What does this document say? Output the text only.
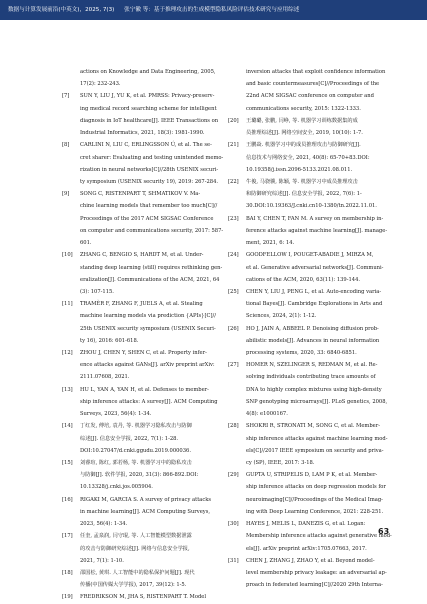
数据与计算发展前沿(中英文)，2025, 7(3) 张宁徽 等：基于推理攻击的生成模型隐私风险评估技术研究与应用综述
actions on Knowledge and Data Engineering, 2005,
17(2): 232-243.
[7]	SUN Y, LIU J, YU K, et al. PMRSS: Privacy-preserv-
ing medical record searching scheme for intelligent
diagnosis in IoT healthcare[J]. IEEE Transactions on
Industrial Informatics, 2021, 18(3): 1981-1990.
[8]	CARLINI N, LIU C, ERLINGSSON Ú, et al. The se-
cret sharer: Evaluating and testing unintended memo-
rization in neural networks[C]//28th USENIX securi-
ty symposium (USENIX security 19), 2019: 267-284.
[9]	SONG C, RISTENPART T, SHMATIKOV V. Ma-
chine learning models that remember too much[C]//
Proceedings of the 2017 ACM SIGSAC Conference
on computer and communications security, 2017: 587-
601.
[10]	ZHANG C, BENGIO S, HARDT M, et al. Under-
standing deep learning (still) requires rethinking gen-
eralization[J]. Communications of the ACM, 2021, 64
(3): 107-115.
[11]	TRAMÈR F, ZHANG F, JUELS A, et al. Stealing
machine learning models via prediction {APIs}[C]//
25th USENIX security symposium (USENIX Securi-
ty 16), 2016: 601-618.
[12]	ZHOU J, CHEN Y, SHEN C, et al. Property infer-
ence attacks against GANs[J]. arXiv preprint arXiv:
2111.07608, 2021.
[13]	HU L, YAN A, YAN H, et al. Defenses to member-
ship inference attacks: A survey[J]. ACM Computing
Surveys, 2023, 56(4): 1-34.
[14]	丁红发, 傅培, 袁丹, 等. 机器学习隐私攻击与防御
综述[J]. 信息安全学报, 2022, 7(1): 1-28.
DOI:10.27047/d.cnki.ggudu.2019.000036.
[15]	刘睿瑄, 陈红, 郭若杨, 等. 机器学习中的隐私攻击
与防御[J]. 软件学报, 2020, 31(3): 866-892.DOI:
10.13328/j.cnki.jos.005904.
[16]	RIGAKI M, GARCIA S. A survey of privacy attacks
in machine learning[J]. ACM Computing Surveys,
2023, 56(4): 1-34.
[17]	任奎, 孟泉润, 闫守琨, 等. 人工智能模型数据泄露
的攻击与防御研究综述[J]. 网络与信息安全学报,
2021, 7(1): 1-10.
[18]	邵国松, 黄琪. 人工智能中的隐私保护问题[J]. 现代
传播(中国传媒大学学报), 2017, 39(12): 1-5.
[19]	FREDRIKSON M, JHA S, RISTENPART T. Model
inversion attacks that exploit confidence information
and basic countermeasures[C]//Proceedings of the
22nd ACM SIGSAC conference on computer and
communications security, 2015: 1322-1333.
[20]	王璐璐, 张鹏, 闫峥, 等. 机器学习训练数据集的成
员推理综述[J]. 网络空间安全, 2019, 10(10): 1-7.
[21]	王鹏焱. 机器学习中的成员推理攻击与防御研究[J].
信息技术与网络安全, 2021, 40(8): 65-70+83.DOI:
10.19358/j.issn.2096-5133.2021.08.011.
[22]	牛俊, 马骁骥, 陈颖, 等. 机器学习中成员推理攻击
和防御研究综述[J]. 信息安全学报, 2022, 7(6): 1-
30.DOI:10.19363/J.cnki.cn10-1380/tn.2022.11.01.
[23]	BAI Y, CHEN T, FAN M. A survey on membership in-
ference attacks against machine learning[J]. manage-
ment, 2021, 6: 14.
[24]	GOODFELLOW I, POUGET-ABADIE J, MIRZA M,
et al. Generative adversarial networks[J]. Communi-
cations of the ACM, 2020, 63(11): 139-144.
[25]	CHEN Y, LIU J, PENG L, et al. Auto-encoding varia-
tional Bayes[J]. Cambridge Explorations in Arts and
Sciences, 2024, 2(1): 1-12.
[26]	HO J, JAIN A, ABBEEL P. Denoising diffusion prob-
abilistic models[J]. Advances in neural information
processing systems, 2020, 33: 6840-6851.
[27]	HOMER N, SZELINGER S, REDMAN M, et al. Re-
solving individuals contributing trace amounts of
DNA to highly complex mixtures using high-density
SNP genotyping microarrays[J]. PLoS genetics, 2008,
4(8): e1000167.
[28]	SHOKRI R, STRONATI M, SONG C, et al. Member-
ship inference attacks against machine learning mod-
els[C]//2017 IEEE symposium on security and priva-
cy (SP), IEEE, 2017: 3-18.
[29]	GUPTA U, STRIPELIS D, LAM P K, et al. Member-
ship inference attacks on deep regression models for
neuroimaging[C]//Proceedings of the Medical Imag-
ing with Deep Learning Conference, 2021: 228-251.
[30]	HAYES J, MELIS L, DANEZIS G, et al. Logan:
Membership inference attacks against generative mod-
els[J]. arXiv preprint arXiv:1705.07663, 2017.
[31]	CHEN J, ZHANG J, ZHAO Y, et al. Beyond model-
level membership privacy leakage: an adversarial ap-
proach in federated learning[C]//2020 29th Interna-
63
